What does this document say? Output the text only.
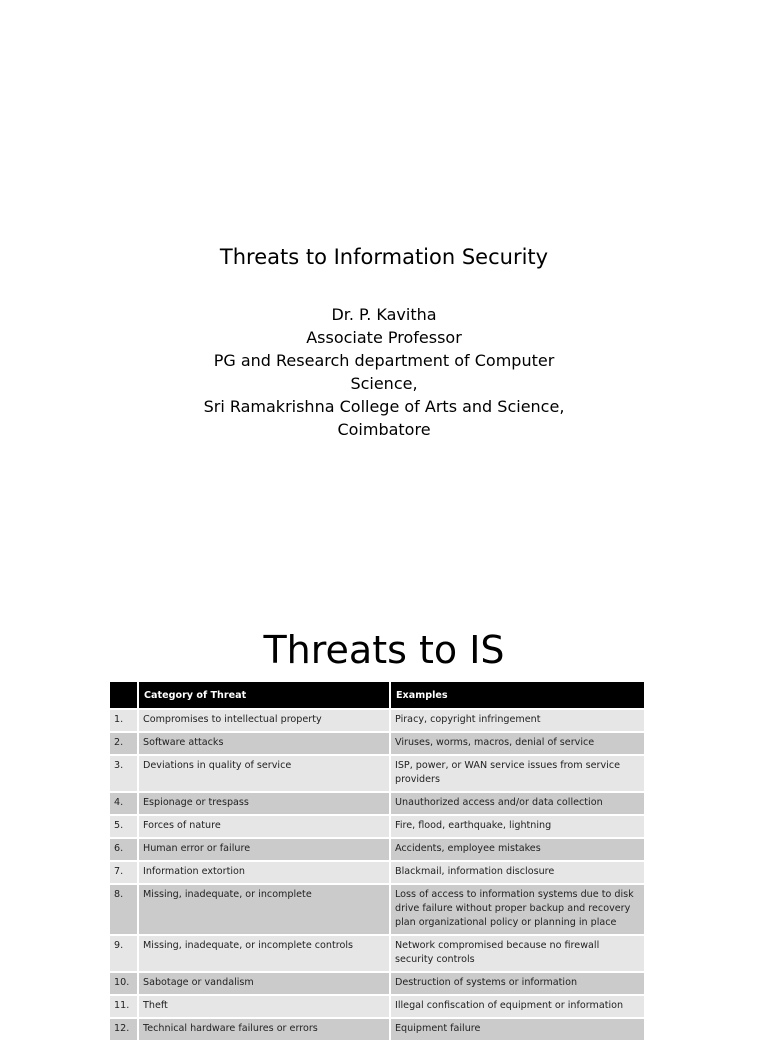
Threats to Information Security
Dr. P. Kavitha
Associate Professor
PG and Research department of Computer Science,
Sri Ramakrishna College of Arts and Science, Coimbatore
Threats to IS
	Category of Threat	Examples
1.	Compromises to intellectual property	Piracy, copyright infringement
2.	Software attacks	Viruses, worms, macros, denial of service
3.	Deviations in quality of service	ISP, power, or WAN service issues from service providers
4.	Espionage or trespass	Unauthorized access and/or data collection
5.	Forces of nature	Fire, flood, earthquake, lightning
6.	Human error or failure	Accidents, employee mistakes
7.	Information extortion	Blackmail, information disclosure
8.	Missing, inadequate, or incomplete	Loss of access to information systems due to disk drive failure without proper backup and recovery plan organizational policy or planning in place
9.	Missing, inadequate, or incomplete controls	Network compromised because no firewall security controls
10.	Sabotage or vandalism	Destruction of systems or information
11.	Theft	Illegal confiscation of equipment or information
12.	Technical hardware failures or errors	Equipment failure
